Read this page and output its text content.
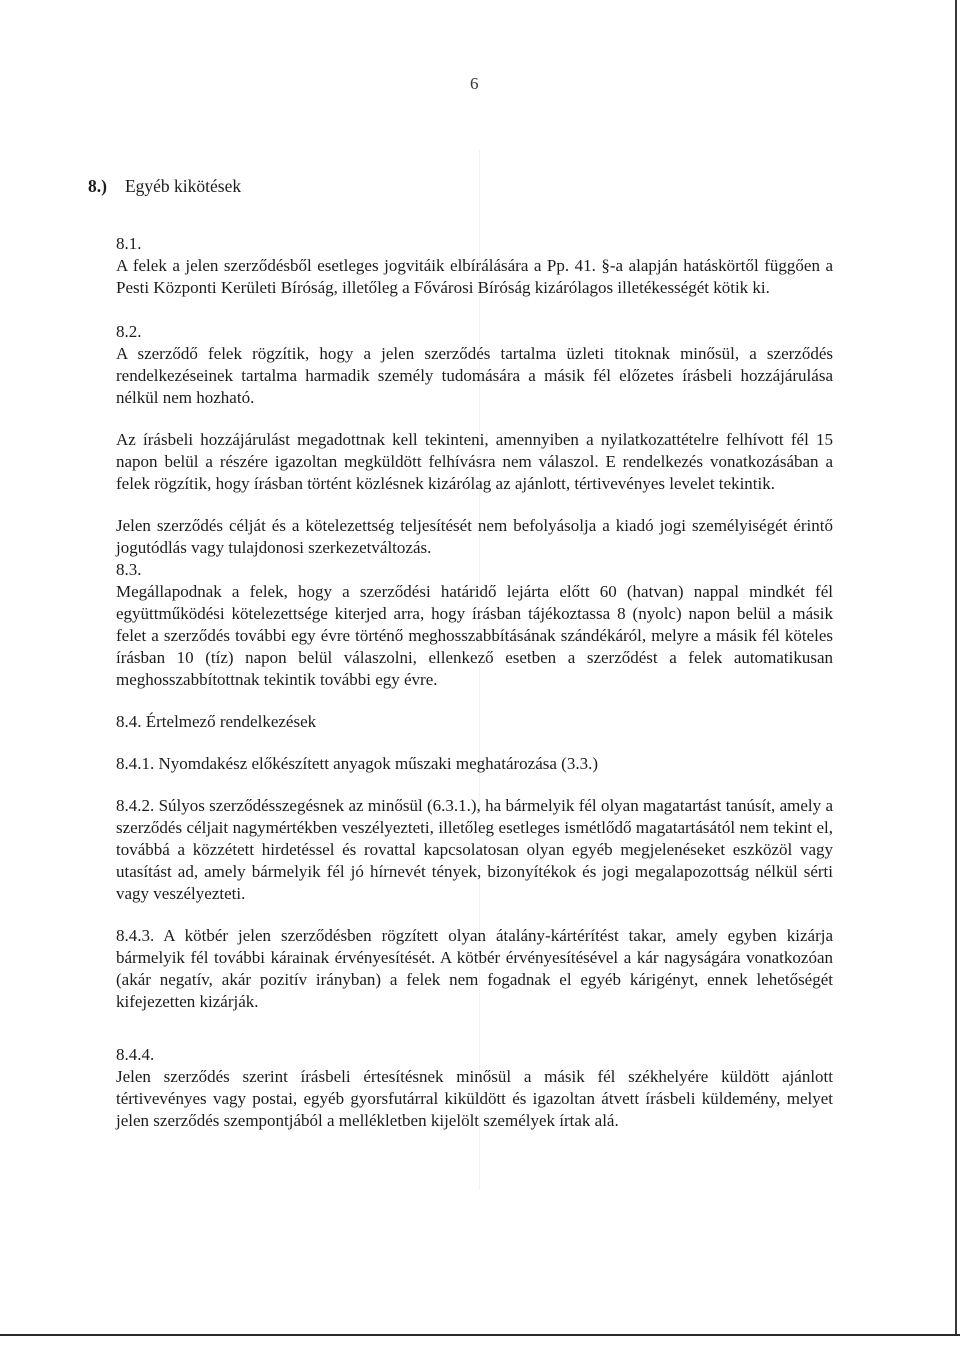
6
8.) Egyéb kikötések
8.1.

A felek a jelen szerződésből esetleges jogvitáik elbírálására a Pp. 41. §-a alapján hatáskörtől függően a Pesti Központi Kerületi Bíróság, illetőleg a Fővárosi Bíróság kizárólagos illetékességét kötik ki.

8.2.

A szerződő felek rögzítik, hogy a jelen szerződés tartalma üzleti titoknak minősül, a szerződés rendelkezéseinek tartalma harmadik személy tudomására a másik fél előzetes írásbeli hozzájárulása nélkül nem hozható.

Az írásbeli hozzájárulást megadottnak kell tekinteni, amennyiben a nyilatkozattételre felhívott fél 15 napon belül a részére igazoltan megküldött felhívásra nem válaszol. E rendelkezés vonatkozásában a felek rögzítik, hogy írásban történt közlésnek kizárólag az ajánlott, tértivevényes levelet tekintik.

Jelen szerződés célját és a kötelezettség teljesítését nem befolyásolja a kiadó jogi személyiségét érintő jogutódlás vagy tulajdonosi szerkezetváltozás.

8.3.

Megállapodnak a felek, hogy a szerződési határidő lejárta előtt 60 (hatvan) nappal mindkét fél együttműködési kötelezettsége kiterjed arra, hogy írásban tájékoztassa 8 (nyolc) napon belül a másik felet a szerződés további egy évre történő meghosszabbításának szándékáról, melyre a másik fél köteles írásban 10 (tíz) napon belül válaszolni, ellenkező esetben a szerződést a felek automatikusan meghosszabbítottnak tekintik további egy évre.

8.4. Értelmező rendelkezések

8.4.1. Nyomdakész előkészített anyagok műszaki meghatározása (3.3.)

8.4.2. Súlyos szerződésszegésnek az minősül (6.3.1.), ha bármelyik fél olyan magatartást tanúsít, amely a szerződés céljait nagymértékben veszélyezteti, illetőleg esetleges ismétlődő magatartásától nem tekint el, továbbá a közzétett hirdetéssel és rovattal kapcsolatosan olyan egyéb megjelenéseket eszközöl vagy utasítást ad, amely bármelyik fél jó hírnevét tények, bizonyítékok és jogi megalapozottság nélkül sérti vagy veszélyezteti.

8.4.3. A kötbér jelen szerződésben rögzített olyan átalány-kártérítést takar, amely egyben kizárja bármelyik fél további kárainak érvényesítését. A kötbér érvényesítésével a kár nagyságára vonatkozóan (akár negatív, akár pozitív irányban) a felek nem fogadnak el egyéb kárigényt, ennek lehetőségét kifejezetten kizárják.

8.4.4.

Jelen szerződés szerint írásbeli értesítésnek minősül a másik fél székhelyére küldött ajánlott tértivevényes vagy postai, egyéb gyorsfutárral kiküldött és igazoltan átvett írásbeli küldemény, melyet jelen szerződés szempontjából a mellékletben kijelölt személyek írtak alá.
